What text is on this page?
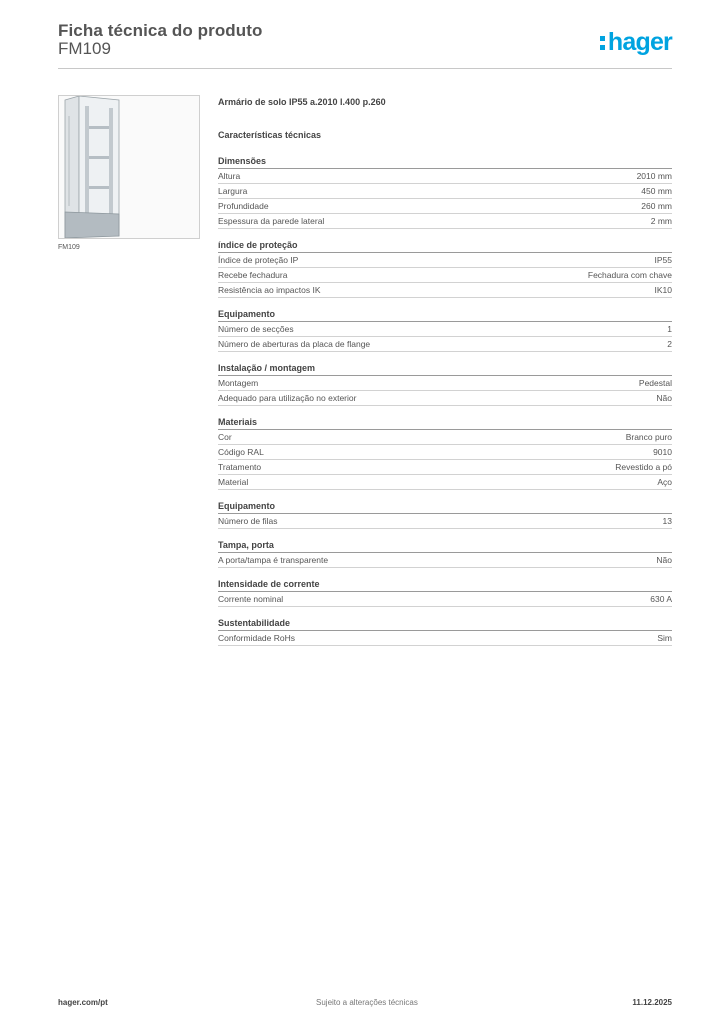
Ficha técnica do produto
FM109	hager
FM109
Armário de solo IP55 a.2010 l.400 p.260
Características técnicas
Dimensões
Altura	2010 mm
Largura	450 mm
Profundidade	260 mm
Espessura da parede lateral	2 mm
índice de proteção
Índice de proteção IP	IP55
Recebe fechadura	Fechadura com chave
Resistência ao impactos IK	IK10
Equipamento
Número de secções	1
Número de aberturas da placa de flange	2
Instalação / montagem
Montagem	Pedestal
Adequado para utilização no exterior	Não
Materiais
Cor	Branco puro
Código RAL	9010
Tratamento	Revestido a pó
Material	Aço
Equipamento
Número de filas	13
Tampa, porta
A porta/tampa é transparente	Não
Intensidade de corrente
Corrente nominal	630 A
Sustentabilidade
Conformidade RoHs	Sim
hager.com/pt	Sujeito a alterações técnicas	11.12.2025
